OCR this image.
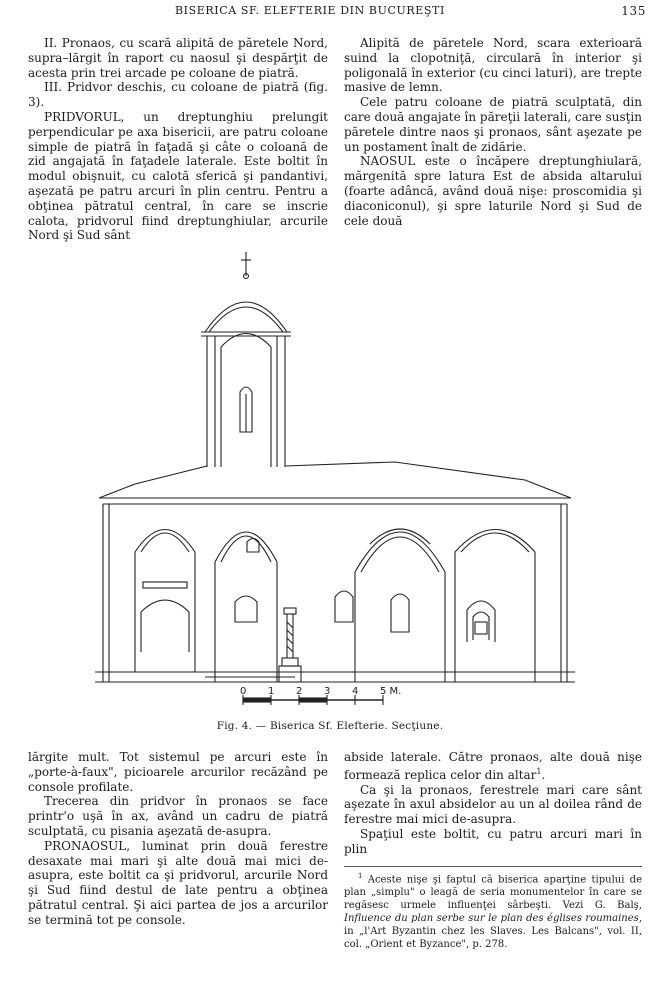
BISERICA SF. ELEFTERIE DIN BUCUREŞTI	135

II. Pronaos, cu scară alipită de păretele Nord, supra–lărgit în raport cu naosul şi despărţit de acesta prin trei arcade pe coloane de piatră.

III. Pridvor deschis, cu coloane de piatră (fig. 3).

PRIDVORUL, un dreptunghiu prelungit perpendicular pe axa bisericii, are patru coloane simple de piatră în faţadă şi câte o coloană de zid angajată în faţadele laterale. Este boltit în modul obişnuit, cu calotă sferică şi pandantivi, aşezată pe patru arcuri în plin centru. Pentru a obţinea pătratul central, în care se inscrie calota, pridvorul fiind dreptunghiular, arcurile Nord şi Sud sânt

Alipită de păretele Nord, scara exterioară suind la clopotniţă, circulară în interior şi poligonală în exterior (cu cinci laturi), are trepte masive de lemn.

Cele patru coloane de piatră sculptată, din care două angajate în păreţii laterali, care susţin păretele dintre naos şi pronaos, sânt aşezate pe un postament înalt de zidărie.

NAOSUL este o încăpere dreptunghiulară, mărgenită spre latura Est de absida altarului (foarte adâncă, având două nişe: proscomidia şi diaconiconul), şi spre laturile Nord şi Sud de cele două

0 1 2 3 4 5 M.
Fig. 4. — Biserica Sf. Elefterie. Secţiune.

lărgite mult. Tot sistemul pe arcuri este în „porte-à-faux", picioarele arcurilor recăzând pe console profilate.

Trecerea din pridvor în pronaos se face printr'o uşă în ax, având un cadru de piatră sculptată, cu pisania aşezată de-asupra.

PRONAOSUL, luminat prin două ferestre desaxate mai mari şi alte două mai mici de-asupra, este boltit ca şi pridvorul, arcurile Nord şi Sud fiind destul de late pentru a obţinea pătratul central. Şi aici partea de jos a arcurilor se termină tot pe console.

abside laterale. Către pronaos, alte două nişe formează replica celor din altar$^1$.

Ca şi la pronaos, ferestrele mari care sânt aşezate în axul absidelor au un al doilea rând de ferestre mai mici de-asupra.

Spaţiul este boltit, cu patru arcuri mari în plin

$^1$ Aceste nişe şi faptul că biserica aparţine tipului de plan „simplu" o leagă de seria monumentelor în care se regăsesc urmele influenţei sârbeşti. Vezi G. Balş, Influence du plan serbe sur le plan des églises roumaines, in „l'Art Byzantin chez les Slaves. Les Balcans", vol. II, col. „Orient et Byzance", p. 278.
